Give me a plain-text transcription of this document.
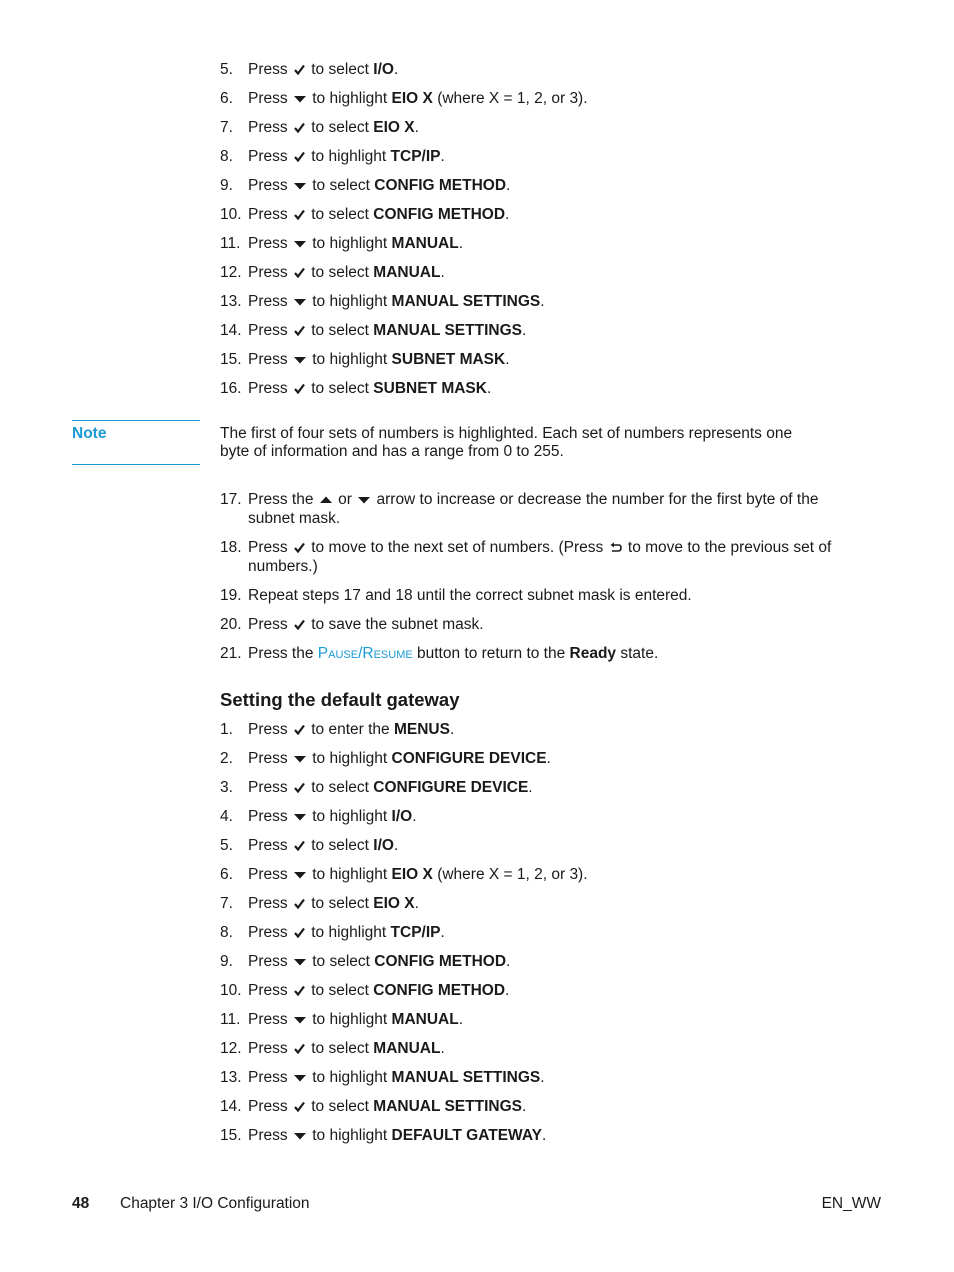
5. Press
to select I/O.
6. Press
to highlight EIO X (where X = 1, 2, or 3).
7. Press
to select EIO X.
8. Press
to highlight TCP/IP.
9. Press
to select CONFIG METHOD.
10. Press
to select CONFIG METHOD.
11. Press
to highlight MANUAL.
12. Press
to select MANUAL.
13. Press
to highlight MANUAL SETTINGS.
14. Press
to select MANUAL SETTINGS.
15. Press
to highlight SUBNET MASK.
16. Press
to select SUBNET MASK.
Note	The first of four sets of numbers is highlighted. Each set of numbers represents one byte of information and has a range from 0 to 255.
17. Press the
or
arrow to increase or decrease the number for the first byte of the subnet mask.
18. Press
to move to the next set of numbers. (Press
to move to the previous set of numbers.)
19. Repeat steps 17 and 18 until the correct subnet mask is entered.
20. Press
to save the subnet mask.
21. Press the Pause/Resume button to return to the Ready state.
Setting the default gateway
1. Press
to enter the MENUS.
2. Press
to highlight CONFIGURE DEVICE.
3. Press
to select CONFIGURE DEVICE.
4. Press
to highlight I/O.
5. Press
to select I/O.
6. Press
to highlight EIO X (where X = 1, 2, or 3).
7. Press
to select EIO X.
8. Press
to highlight TCP/IP.
9. Press
to select CONFIG METHOD.
10. Press
to select CONFIG METHOD.
11. Press
to highlight MANUAL.
12. Press
to select MANUAL.
13. Press
to highlight MANUAL SETTINGS.
14. Press
to select MANUAL SETTINGS.
15. Press
to highlight DEFAULT GATEWAY.
48 Chapter 3 I/O Configuration	EN_WW
